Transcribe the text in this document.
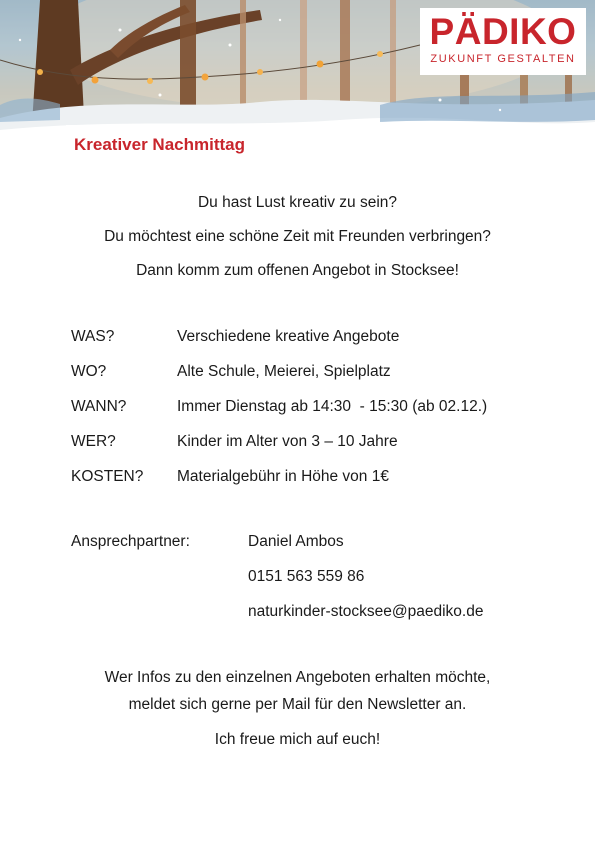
PÄDIKO
ZUKUNFT GESTALTEN
Kreativer Nachmittag

Du hast Lust kreativ zu sein?

Du möchtest eine schöne Zeit mit Freunden verbringen?

Dann komm zum offenen Angebot in Stocksee!

WAS?	Verschiedene kreative Angebote
WO?	Alte Schule, Meierei, Spielplatz
WANN?	Immer Dienstag ab 14:30  - 15:30 (ab 02.12.)
WER?	Kinder im Alter von 3 – 10 Jahre
KOSTEN?	Materialgebühr in Höhe von 1€
Ansprechpartner:	Daniel Ambos
0151 563 559 86
naturkinder-stocksee@paediko.de

Wer Infos zu den einzelnen Angeboten erhalten möchte,

meldet sich gerne per Mail für den Newsletter an.

Ich freue mich auf euch!
